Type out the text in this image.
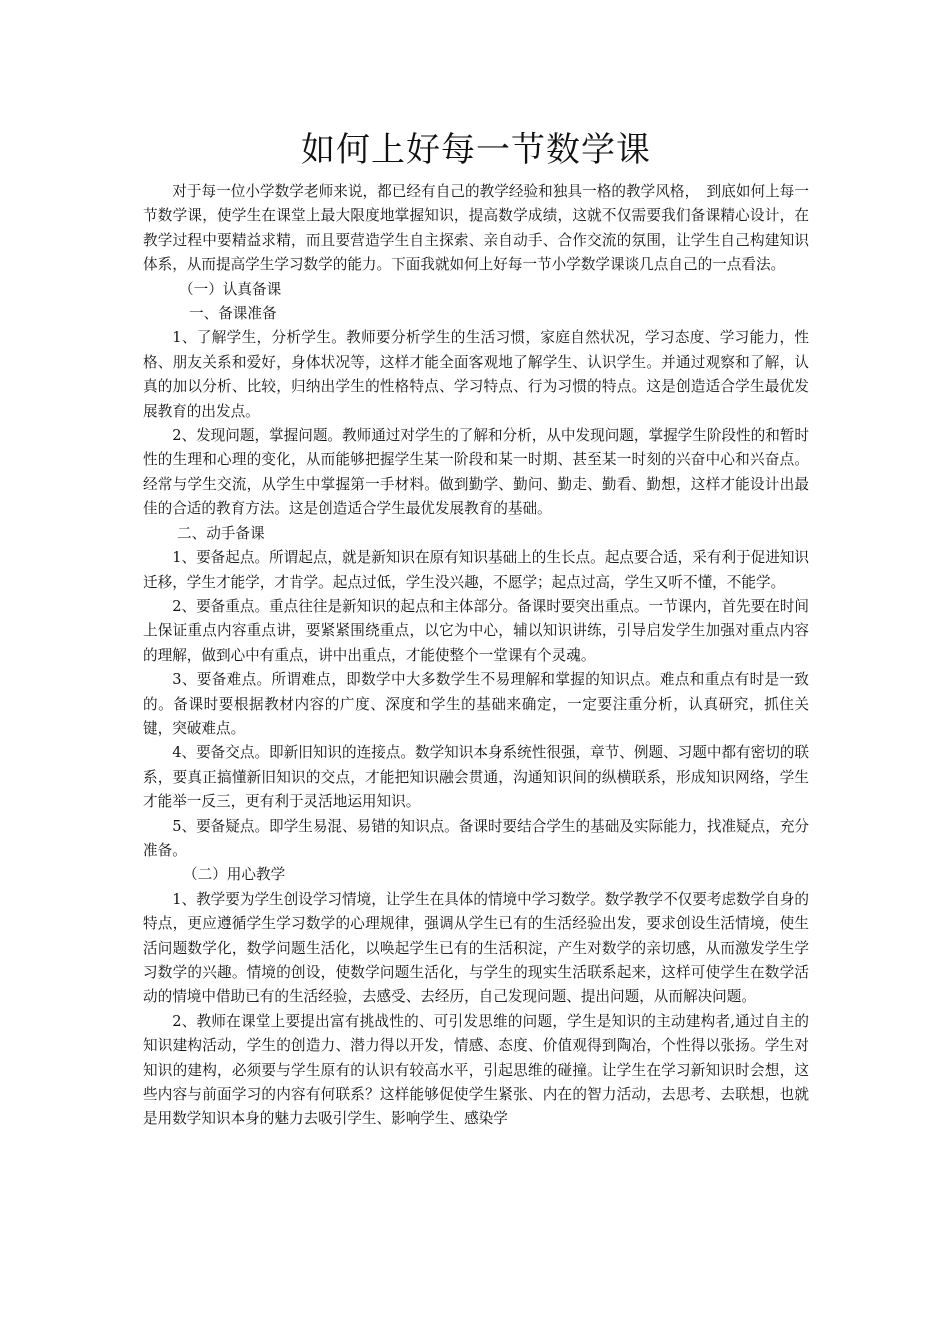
如何上好每一节数学课

对于每一位小学数学老师来说，都已经有自己的教学经验和独具一格的教学风格，　到底如何上每一节数学课，使学生在课堂上最大限度地掌握知识，提高数学成绩，这就不仅需要我们备课精心设计，在教学过程中要精益求精，而且要营造学生自主探索、亲自动手、合作交流的氛围，让学生自己构建知识体系，从而提高学生学习数学的能力。下面我就如何上好每一节小学数学课谈几点自己的一点看法。

（一）认真备课

一、备课准备

1、了解学生，分析学生。教师要分析学生的生活习惯，家庭自然状况，学习态度、学习能力，性格、朋友关系和爱好，身体状况等，这样才能全面客观地了解学生、认识学生。并通过观察和了解，认真的加以分析、比较，归纳出学生的性格特点、学习特点、行为习惯的特点。这是创造适合学生最优发展教育的出发点。

2、发现问题，掌握问题。教师通过对学生的了解和分析，从中发现问题，掌握学生阶段性的和暂时性的生理和心理的变化，从而能够把握学生某一阶段和某一时期、甚至某一时刻的兴奋中心和兴奋点。经常与学生交流，从学生中掌握第一手材料。做到勤学、勤问、勤走、勤看、勤想，这样才能设计出最佳的合适的教育方法。这是创造适合学生最优发展教育的基础。

二、动手备课

1、要备起点。所谓起点，就是新知识在原有知识基础上的生长点。起点要合适，采有利于促进知识迁移，学生才能学，才肯学。起点过低，学生没兴趣，不愿学；起点过高，学生又听不懂，不能学。

2、要备重点。重点往往是新知识的起点和主体部分。备课时要突出重点。一节课内，首先要在时间上保证重点内容重点讲，要紧紧围绕重点，以它为中心，辅以知识讲练，引导启发学生加强对重点内容的理解，做到心中有重点，讲中出重点，才能使整个一堂课有个灵魂。

3、要备难点。所谓难点，即数学中大多数学生不易理解和掌握的知识点。难点和重点有时是一致的。备课时要根据教材内容的广度、深度和学生的基础来确定，一定要注重分析，认真研究，抓住关键，突破难点。

4、要备交点。即新旧知识的连接点。数学知识本身系统性很强，章节、例题、习题中都有密切的联系，要真正搞懂新旧知识的交点，才能把知识融会贯通，沟通知识间的纵横联系，形成知识网络，学生才能举一反三，更有利于灵活地运用知识。

5、要备疑点。即学生易混、易错的知识点。备课时要结合学生的基础及实际能力，找准疑点，充分准备。

（二）用心教学

1、教学要为学生创设学习情境，让学生在具体的情境中学习数学。数学教学不仅要考虑数学自身的特点，更应遵循学生学习数学的心理规律，强调从学生已有的生活经验出发，要求创设生活情境，使生活问题数学化，数学问题生活化，以唤起学生已有的生活积淀，产生对数学的亲切感，从而激发学生学习数学的兴趣。情境的创设，使数学问题生活化，与学生的现实生活联系起来，这样可使学生在数学活动的情境中借助已有的生活经验，去感受、去经历，自己发现问题、提出问题，从而解决问题。

2、教师在课堂上要提出富有挑战性的、可引发思维的问题，学生是知识的主动建构者,通过自主的知识建构活动，学生的创造力、潜力得以开发，情感、态度、价值观得到陶冶，个性得以张扬。学生对知识的建构，必须要与学生原有的认识有较高水平，引起思维的碰撞。让学生在学习新知识时会想，这些内容与前面学习的内容有何联系？这样能够促使学生紧张、内在的智力活动，去思考、去联想，也就是用数学知识本身的魅力去吸引学生、影响学生、感染学
